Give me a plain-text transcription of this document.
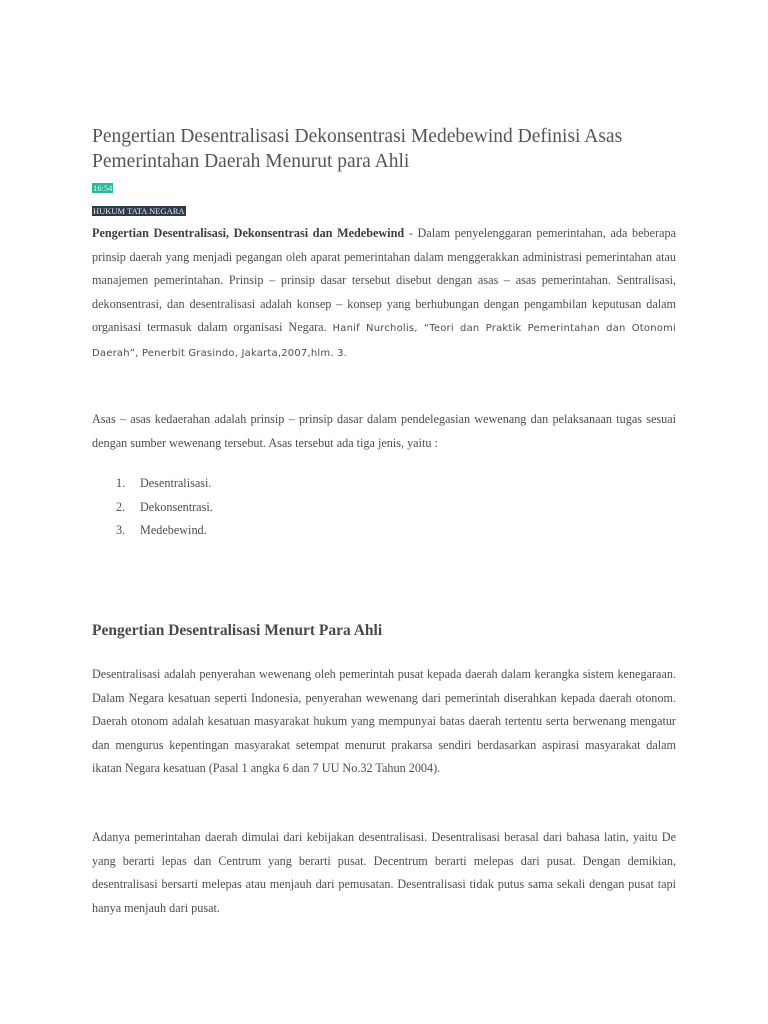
Pengertian Desentralisasi Dekonsentrasi Medebewind Definisi Asas Pemerintahan Daerah Menurut para Ahli
16:54
HUKUM TATA NEGARA

Pengertian Desentralisasi, Dekonsentrasi dan Medebewind - Dalam penyelenggaran pemerintahan, ada beberapa prinsip daerah yang menjadi pegangan oleh aparat pemerintahan dalam menggerakkan administrasi pemerintahan atau manajemen pemerintahan. Prinsip – prinsip dasar tersebut disebut dengan asas – asas pemerintahan. Sentralisasi, dekonsentrasi, dan desentralisasi adalah konsep – konsep yang berhubungan dengan pengambilan keputusan dalam organisasi termasuk dalam organisasi Negara. Hanif Nurcholis, “Teori dan Praktik Pemerintahan dan Otonomi Daerah”, Penerbit Grasindo, Jakarta,2007,hlm. 3.

Asas – asas kedaerahan adalah prinsip – prinsip dasar dalam pendelegasian wewenang dan pelaksanaan tugas sesuai dengan sumber wewenang tersebut. Asas tersebut ada tiga jenis, yaitu :

1.	Desentralisasi.
2.	Dekonsentrasi.
3.	Medebewind.
Pengertian Desentralisasi Menurt Para Ahli

Desentralisasi adalah penyerahan wewenang oleh pemerintah pusat kepada daerah dalam kerangka sistem kenegaraan. Dalam Negara kesatuan seperti Indonesia, penyerahan wewenang dari pemerintah diserahkan kepada daerah otonom. Daerah otonom adalah kesatuan masyarakat hukum yang mempunyai batas daerah tertentu serta berwenang mengatur dan mengurus kepentingan masyarakat setempat menurut prakarsa sendiri berdasarkan aspirasi masyarakat dalam ikatan Negara kesatuan (Pasal 1 angka 6 dan 7 UU No.32 Tahun 2004).

Adanya pemerintahan daerah dimulai dari kebijakan desentralisasi. Desentralisasi berasal dari bahasa latin, yaitu De yang berarti lepas dan Centrum yang berarti pusat. Decentrum berarti melepas dari pusat. Dengan demikian, desentralisasi bersarti melepas atau menjauh dari pemusatan. Desentralisasi tidak putus sama sekali dengan pusat tapi hanya menjauh dari pusat.
